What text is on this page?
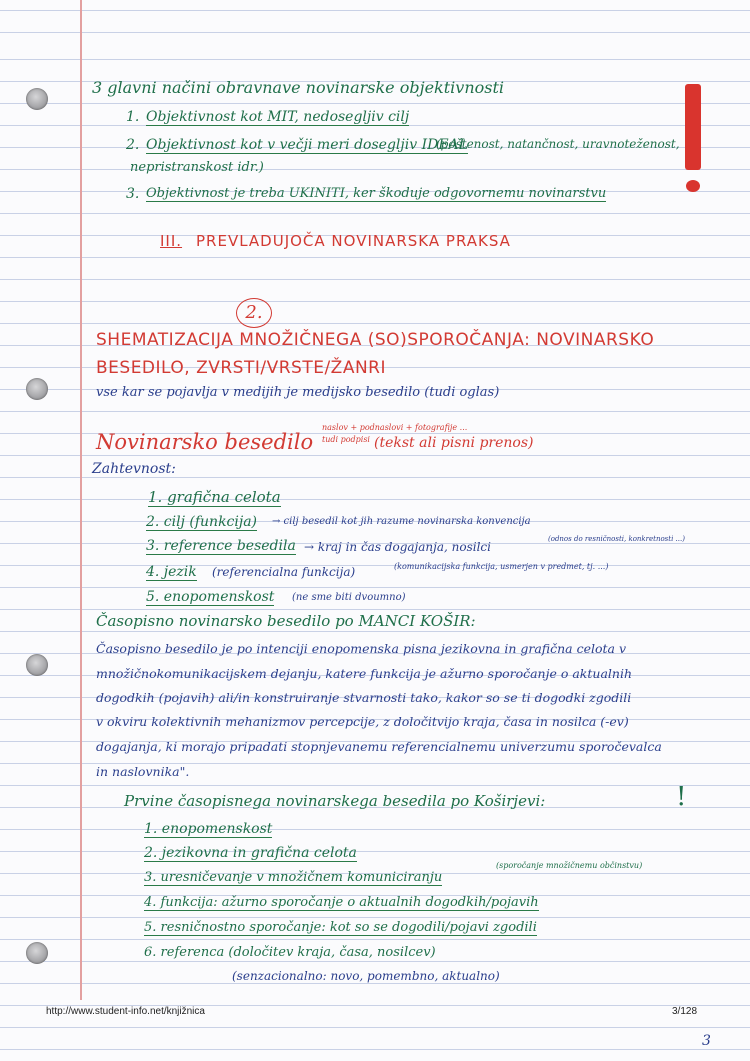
3 glavni načini obravnave novinarske objektivnosti
1. Objektivnost kot MIT, nedosegljiv cilj
2. Objektivnost kot v večji meri dosegljiv IDEAL
(poštenost, natančnost, uravnoteženost,
nepristranskost idr.)
3. Objektivnost je treba UKINITI, ker škoduje odgovornemu novinarstvu
III. PREVLADUJOČA NOVINARSKA PRAKSA
2.
SHEMATIZACIJA MNOŽIČNEGA (SO)SPOROČANJA: NOVINARSKO
BESEDILO, ZVRSTI/VRSTE/ŽANRI
vse kar se pojavlja v medijih je medijsko besedilo (tudi oglas)
Novinarsko besedilo
naslov + podnaslovi + fotografije ...
tudi podpisi (tekst ali pisni prenos)
Zahtevnost:
1. grafična celota
2. cilj (funkcija) → cilj besedil kot jih razume novinarska konvencija
3. reference besedila → kraj in čas dogajanja, nosilci
(odnos do resničnosti, konkretnosti ...)
4. jezik (referencialna funkcija)	(komunikacijska funkcija, usmerjen v predmet, tj. ...)
5. enopomenskost (ne sme biti dvoumno)
Časopisno novinarsko besedilo po MANCI KOŠIR:
Časopisno besedilo je po intenciji enopomenska pisna jezikovna in grafična celota v
množičnokomunikacijskem dejanju, katere funkcija je ažurno sporočanje o aktualnih
dogodkih (pojavih) ali/in konstruiranje stvarnosti tako, kakor so se ti dogodki zgodili
v okviru kolektivnih mehanizmov percepcije, z določitvijo kraja, časa in nosilca (-ev)
dogajanja, ki morajo pripadati stopnjevanemu referencialnemu univerzumu sporočevalca
in naslovnika".
Prvine časopisnega novinarskega besedila po Koširjevi:	!
1. enopomenskost
2. jezikovna in grafična celota
3. uresničevanje v množičnem komuniciranju
(sporočanje množičnemu občinstvu)
4. funkcija: ažurno sporočanje o aktualnih dogodkih/pojavih
5. resničnostno sporočanje: kot so se dogodili/pojavi zgodili
6. referenca (določitev kraja, časa, nosilcev)
(senzacionalno: novo, pomembno, aktualno)
http://www.student-info.net/knjižnica	3/128
3
